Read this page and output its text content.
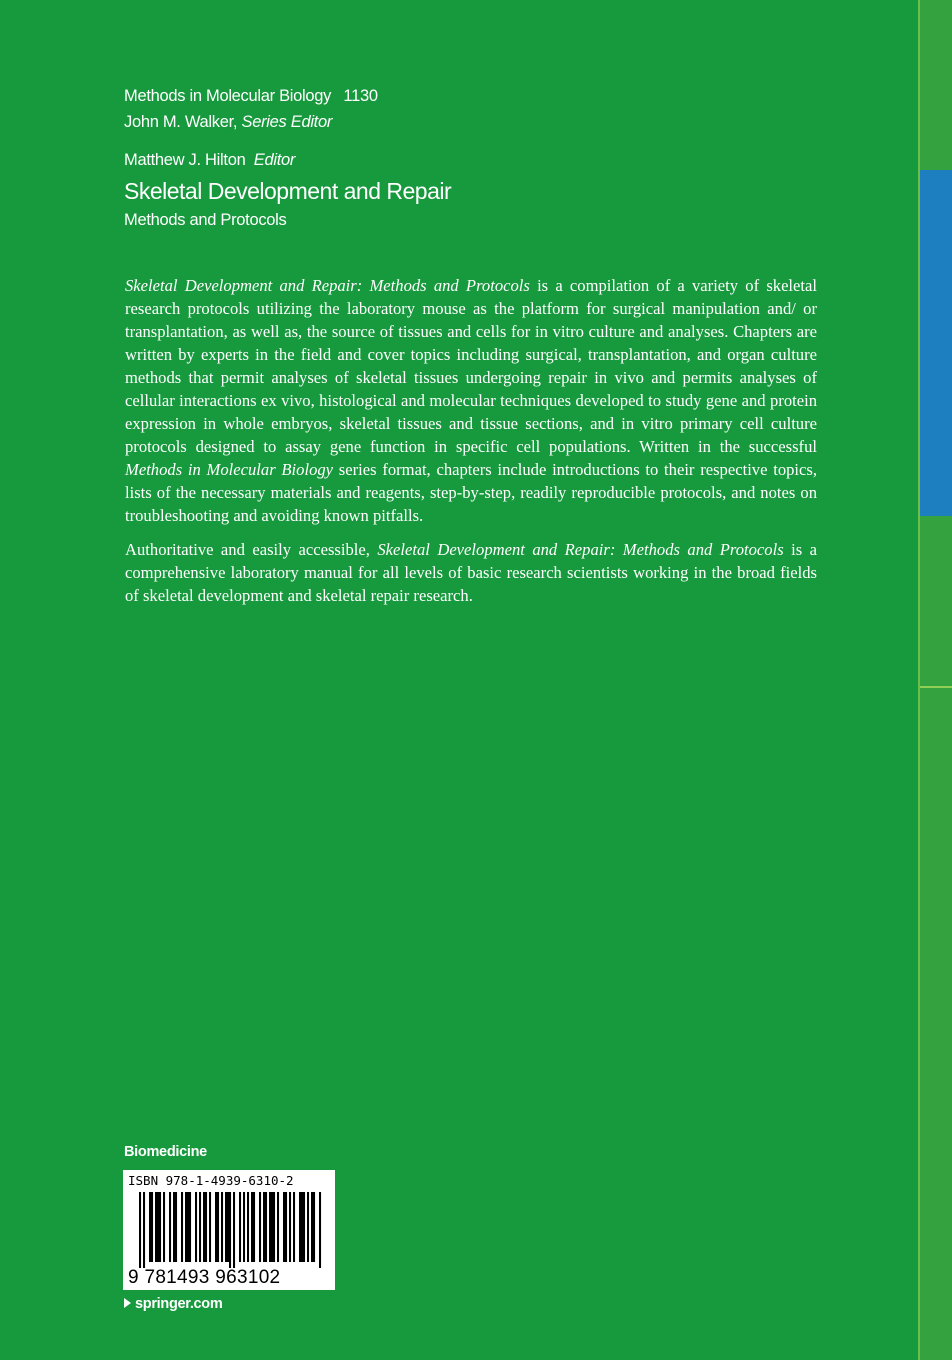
Methods in Molecular Biology 1130
John M. Walker, Series Editor
Matthew J. Hilton Editor
Skeletal Development and Repair
Methods and Protocols

Skeletal Development and Repair: Methods and Protocols is a compilation of a variety of skeletal research protocols utilizing the laboratory mouse as the platform for surgical manipulation and/ or transplantation, as well as, the source of tissues and cells for in vitro culture and analyses. Chapters are written by experts in the field and cover topics including surgical, transplantation, and organ culture methods that permit analyses of skeletal tissues undergoing repair in vivo and permits analyses of cellular interactions ex vivo, histological and molecular techniques developed to study gene and protein expression in whole embryos, skeletal tissues and tissue sections, and in vitro primary cell culture protocols designed to assay gene function in specific cell populations. Written in the successful Methods in Molecular Biology series format, chapters include introductions to their respective topics, lists of the necessary materials and reagents, step-by-step, readily reproducible protocols, and notes on troubleshooting and avoiding known pitfalls.

Authoritative and easily accessible, Skeletal Development and Repair: Methods and Protocols is a comprehensive laboratory manual for all levels of basic research scientists working in the broad fields of skeletal development and skeletal repair research.

Biomedicine
ISBN 978-1-4939-6310-2
9 781493 963102
springer.com
